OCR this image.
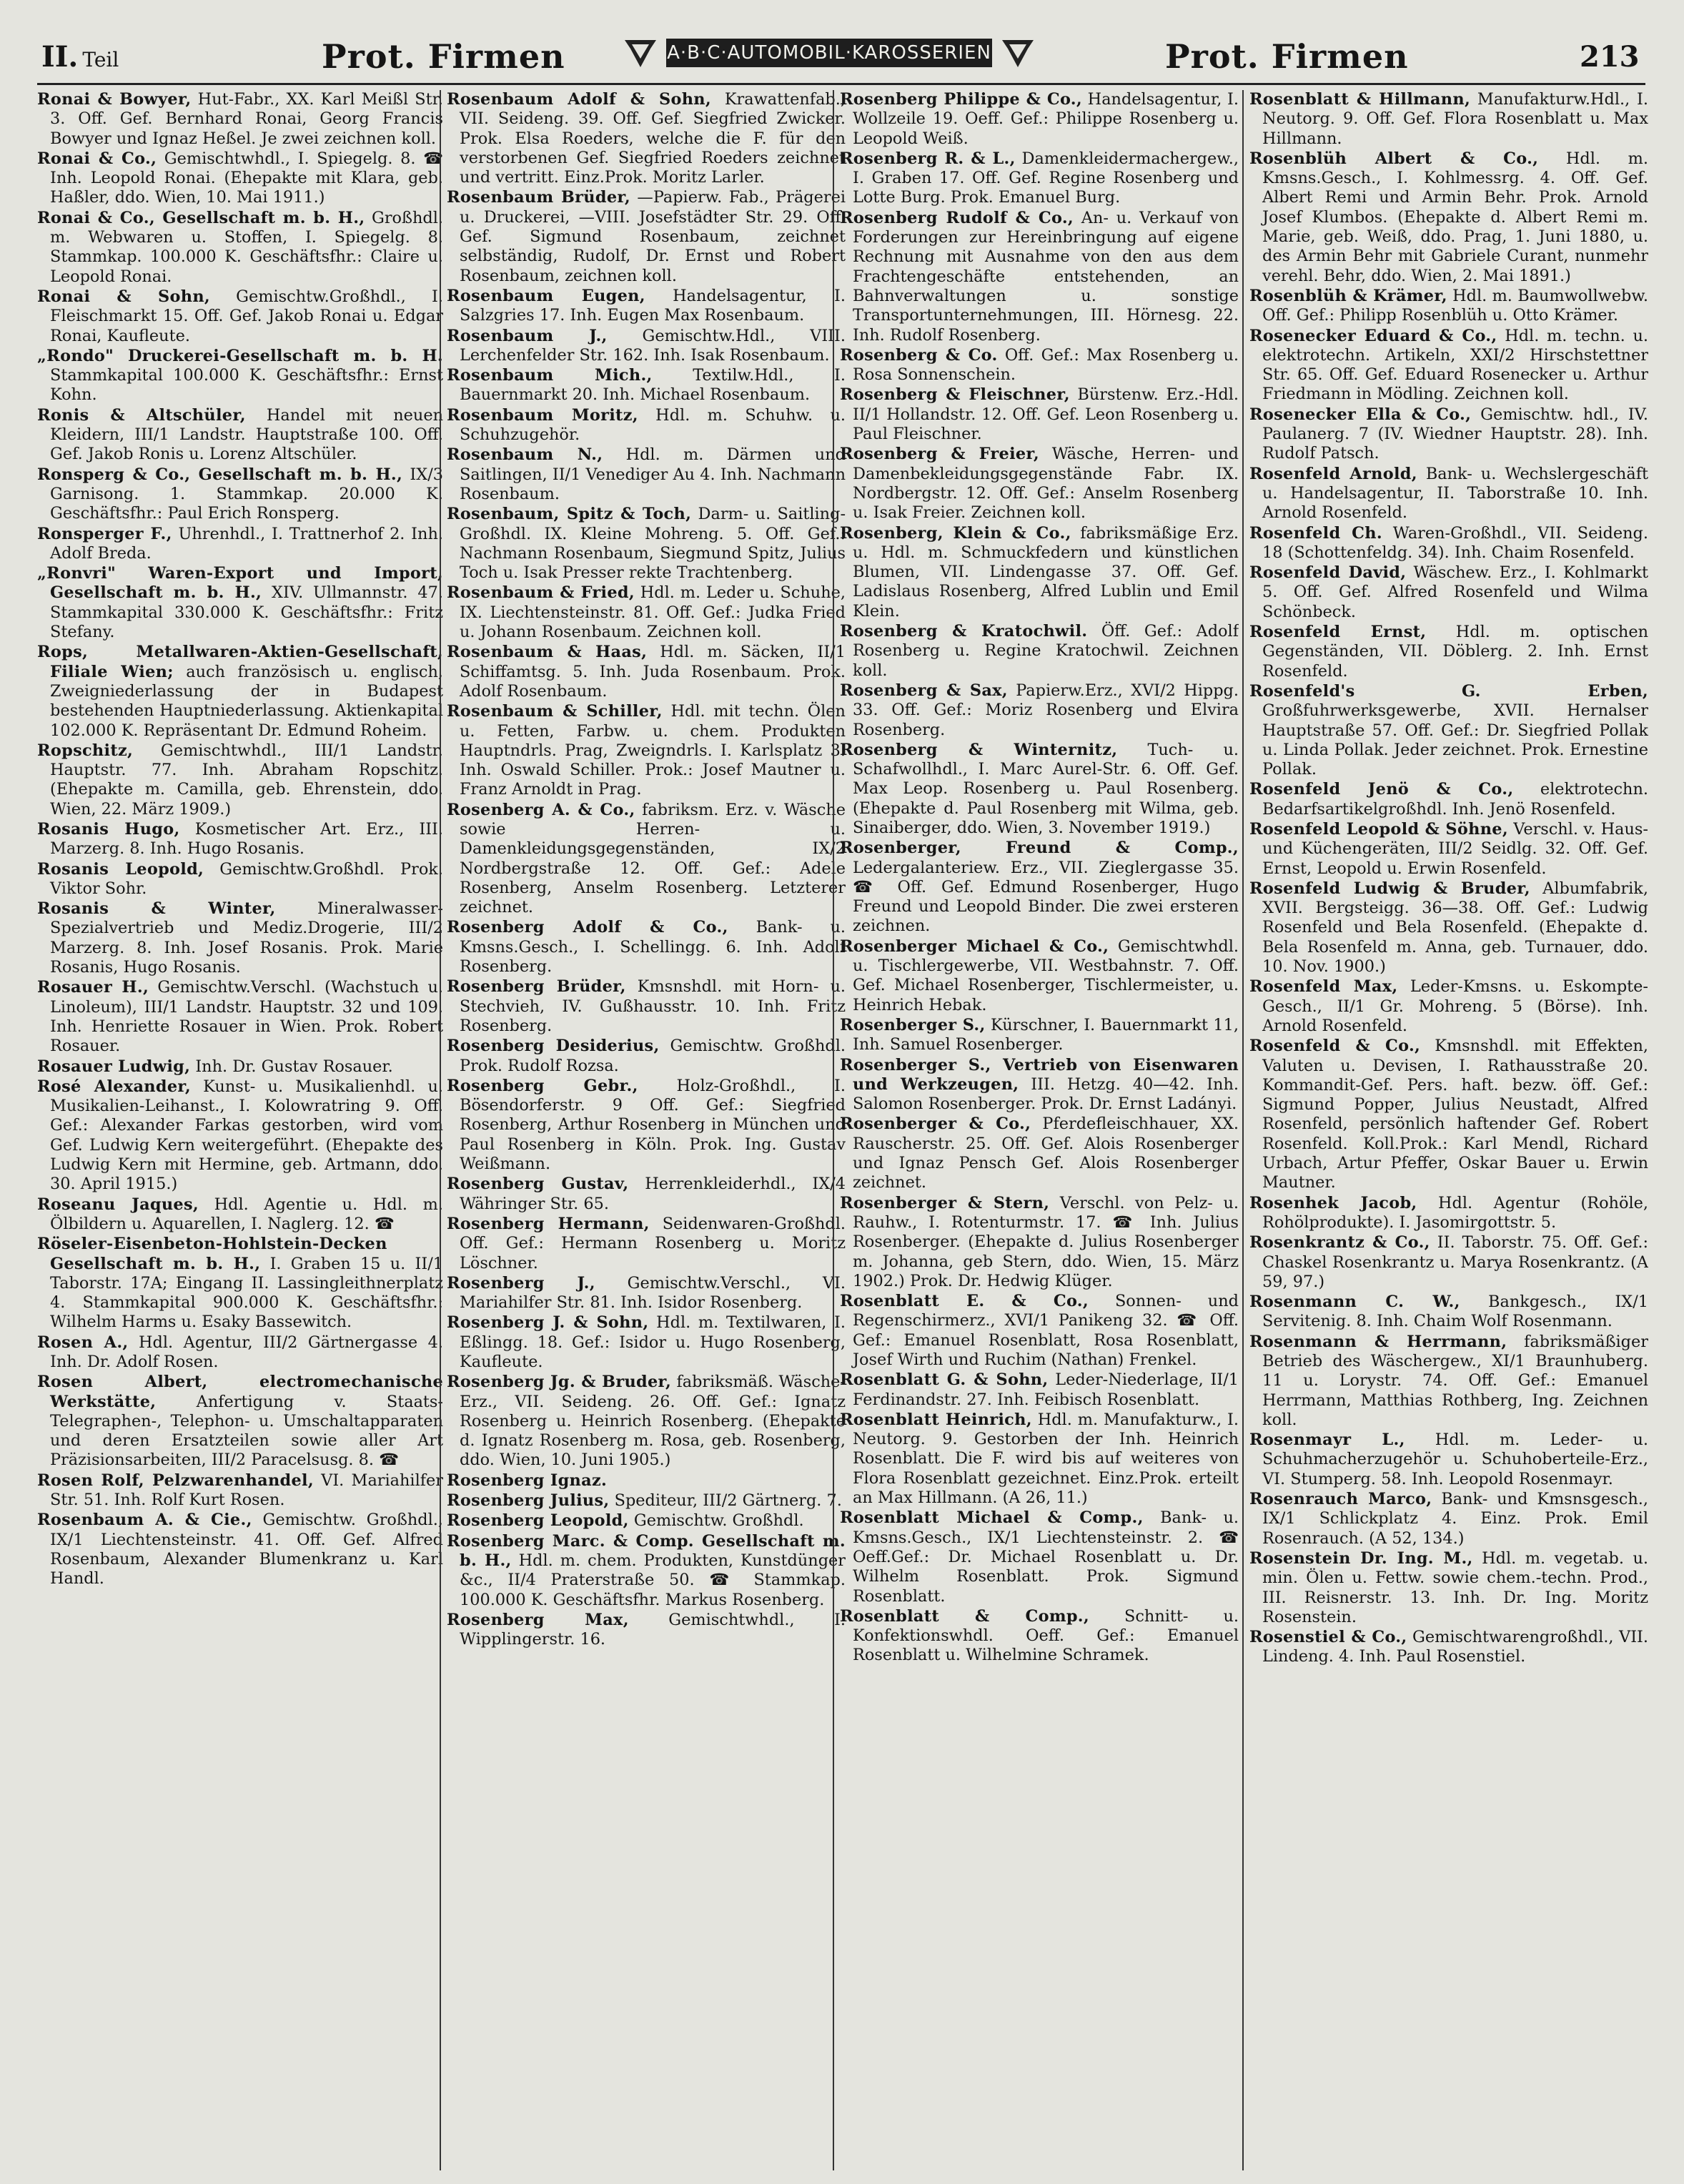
II. Teil	Prot. Firmen	A·B·C·AUTOMOBIL·KAROSSERIEN	Prot. Firmen	213

Ronai & Bowyer, Hut-Fabr., XX. Karl Meißl Str. 3. Off. Gef. Bernhard Ronai, Georg Francis Bowyer und Ignaz Heßel. Je zwei zeichnen koll.

Ronai & Co., Gemischtwhdl., I. Spiegelg. 8. ☎ Inh. Leopold Ronai. (Ehepakte mit Klara, geb. Haßler, ddo. Wien, 10. Mai 1911.)

Ronai & Co., Gesellschaft m. b. H., Großhdl. m. Webwaren u. Stoffen, I. Spiegelg. 8. Stammkap. 100.000 K. Geschäftsfhr.: Claire u. Leopold Ronai.

Ronai & Sohn, Gemischtw.Großhdl., I. Fleischmarkt 15. Off. Gef. Jakob Ronai u. Edgar Ronai, Kaufleute.

„Rondo" Druckerei-Gesellschaft m. b. H. Stammkapital 100.000 K. Geschäftsfhr.: Ernst Kohn.

Ronis & Altschüler, Handel mit neuen Kleidern, III/1 Landstr. Hauptstraße 100. Off. Gef. Jakob Ronis u. Lorenz Altschüler.

Ronsperg & Co., Gesellschaft m. b. H., IX/3 Garnisong. 1. Stammkap. 20.000 K. Geschäftsfhr.: Paul Erich Ronsperg.

Ronsperger F., Uhrenhdl., I. Trattnerhof 2. Inh. Adolf Breda.

„Ronvri" Waren-Export und Import, Gesellschaft m. b. H., XIV. Ullmannstr. 47. Stammkapital 330.000 K. Geschäftsfhr.: Fritz Stefany.

Rops, Metallwaren-Aktien-Gesellschaft, Filiale Wien; auch französisch u. englisch, Zweigniederlassung der in Budapest bestehenden Hauptniederlassung. Aktienkapital 102.000 K. Repräsentant Dr. Edmund Roheim.

Ropschitz, Gemischtwhdl., III/1 Landstr. Hauptstr. 77. Inh. Abraham Ropschitz. (Ehepakte m. Camilla, geb. Ehrenstein, ddo. Wien, 22. März 1909.)

Rosanis Hugo, Kosmetischer Art. Erz., III. Marzerg. 8. Inh. Hugo Rosanis.

Rosanis Leopold, Gemischtw.Großhdl. Prok. Viktor Sohr.

Rosanis & Winter,	Mineralwasser-Spezialvertrieb und Mediz.Drogerie, III/2 Marzerg. 8. Inh. Josef Rosanis. Prok. Marie Rosanis, Hugo Rosanis.

Rosauer H., Gemischtw.Verschl. (Wachstuch u. Linoleum), III/1 Landstr. Hauptstr. 32 und 109. Inh. Henriette Rosauer in Wien. Prok. Robert Rosauer.

Rosauer Ludwig, Inh. Dr. Gustav Rosauer.

Rosé Alexander, Kunst- u. Musikalienhdl. u. Musikalien-Leihanst., I. Kolowratring 9. Off. Gef.: Alexander Farkas gestorben, wird vom Gef. Ludwig Kern weitergeführt. (Ehepakte des Ludwig Kern mit Hermine, geb. Artmann, ddo. 30. April 1915.)

Roseanu Jaques, Hdl. Agentie u. Hdl. m. Ölbildern u. Aquarellen, I. Naglerg. 12. ☎

Röseler-Eisenbeton-Hohlstein-Decken Gesellschaft m. b. H., I. Graben 15 u. II/1 Taborstr. 17A; Eingang II. Lassingleithnerplatz 4. Stammkapital 900.000 K. Geschäftsfhr.: Wilhelm Harms u. Esaky Bassewitch.

Rosen A., Hdl. Agentur, III/2 Gärtnergasse 4. Inh. Dr. Adolf Rosen.

Rosen Albert, electromechanische Werkstätte,	Anfertigung v. Staats-Telegraphen-, Telephon- u. Umschaltapparaten und deren Ersatzteilen sowie aller Art Präzisionsarbeiten, III/2 Paracelsusg. 8. ☎

Rosen Rolf, Pelzwarenhandel, VI. Mariahilfer Str. 51. Inh. Rolf Kurt Rosen.

Rosenbaum A. & Cie., Gemischtw. Großhdl., IX/1 Liechtensteinstr. 41. Off. Gef. Alfred Rosenbaum, Alexander Blumenkranz u. Karl Handl.

Rosenbaum Adolf & Sohn, Krawattenfab., VII. Seideng. 39. Off. Gef. Siegfried Zwicker. Prok. Elsa Roeders, welche die F. für den verstorbenen Gef. Siegfried Roeders zeichnet und vertritt. Einz.Prok. Moritz Larler.

Rosenbaum Brüder, —Papierw. Fab., Prägerei u. Druckerei, —VIII. Josefstädter Str. 29. Off. Gef. Sigmund Rosenbaum, zeichnet selbständig, Rudolf, Dr. Ernst und Robert Rosenbaum, zeichnen koll.

Rosenbaum Eugen, Handelsagentur, I. Salzgries 17. Inh. Eugen Max Rosenbaum.

Rosenbaum J., Gemischtw.Hdl., VIII. Lerchenfelder Str. 162. Inh. Isak Rosenbaum.

Rosenbaum Mich.,	Textilw.Hdl., I. Bauernmarkt 20. Inh. Michael Rosenbaum.

Rosenbaum Moritz, Hdl. m. Schuhw. u. Schuhzugehör.

Rosenbaum N., Hdl. m. Därmen und Saitlingen, II/1 Venediger Au 4. Inh. Nachmann Rosenbaum.

Rosenbaum, Spitz & Toch, Darm- u. Saitling-Großhdl. IX. Kleine Mohreng. 5. Off. Gef.: Nachmann Rosenbaum, Siegmund Spitz, Julius Toch u. Isak Presser rekte Trachtenberg.

Rosenbaum & Fried, Hdl. m. Leder u. Schuhe, IX. Liechtensteinstr. 81. Off. Gef.: Judka Fried u. Johann Rosenbaum. Zeichnen koll.

Rosenbaum & Haas, Hdl. m. Säcken, II/1 Schiffamtsg. 5. Inh. Juda Rosenbaum. Prok. Adolf Rosenbaum.

Rosenbaum & Schiller, Hdl. mit techn. Ölen u. Fetten, Farbw. u. chem. Produkten Hauptndrls. Prag, Zweigndrls. I. Karlsplatz 3. Inh. Oswald Schiller. Prok.: Josef Mautner u. Franz Arnoldt in Prag.

Rosenberg A. & Co., fabriksm. Erz. v. Wäsche sowie Herren- u. Damenkleidungsgegenständen, IX/2 Nordbergstraße 12. Off. Gef.: Adele Rosenberg, Anselm Rosenberg. Letzterer zeichnet.

Rosenberg Adolf & Co., Bank- u. Kmsns.Gesch., I. Schellingg. 6. Inh. Adolf Rosenberg.

Rosenberg Brüder, Kmsnshdl. mit Horn- u. Stechvieh, IV. Gußhausstr. 10. Inh. Fritz Rosenberg.

Rosenberg Desiderius, Gemischtw. Großhdl. Prok. Rudolf Rozsa.

Rosenberg Gebr., Holz-Großhdl., I. Bösendorferstr. 9 Off. Gef.: Siegfried Rosenberg, Arthur Rosenberg in München und Paul Rosenberg in Köln. Prok. Ing. Gustav Weißmann.

Rosenberg Gustav, Herrenkleiderhdl., IX/4 Währinger Str. 65.

Rosenberg Hermann, Seidenwaren-Großhdl. Off. Gef.: Hermann Rosenberg u. Moritz Löschner.

Rosenberg J., Gemischtw.Verschl., VI. Mariahilfer Str. 81. Inh. Isidor Rosenberg.

Rosenberg J. & Sohn, Hdl. m. Textilwaren, I. Eßlingg. 18. Gef.: Isidor u. Hugo Rosenberg, Kaufleute.

Rosenberg Jg. & Bruder, fabriksmäß. Wäsche-Erz., VII. Seideng. 26. Off. Gef.: Ignatz Rosenberg u. Heinrich Rosenberg. (Ehepakte d. Ignatz Rosenberg m. Rosa, geb. Rosenberg, ddo. Wien, 10. Juni 1905.)

Rosenberg Ignaz.

Rosenberg Julius, Spediteur, III/2 Gärtnerg. 7.

Rosenberg Leopold, Gemischtw. Großhdl.

Rosenberg Marc. & Comp. Gesellschaft m. b. H., Hdl. m. chem. Produkten, Kunstdünger &c., II/4 Praterstraße 50. ☎ Stammkap. 100.000 K. Geschäftsfhr. Markus Rosenberg.

Rosenberg Max, Gemischtwhdl., I. Wipplingerstr. 16.

Rosenberg Philippe & Co., Handelsagentur, I. Wollzeile 19. Oeff. Gef.: Philippe Rosenberg u. Leopold Weiß.

Rosenberg R. & L., Damenkleidermachergew., I. Graben 17. Off. Gef. Regine Rosenberg und Lotte Burg. Prok. Emanuel Burg.

Rosenberg Rudolf & Co., An- u. Verkauf von Forderungen zur Hereinbringung auf eigene Rechnung mit Ausnahme von den aus dem Frachtengeschäfte entstehenden, an Bahnverwaltungen u. sonstige Transportunternehmungen, III. Hörnesg. 22. Inh. Rudolf Rosenberg.

Rosenberg & Co. Off. Gef.: Max Rosenberg u. Rosa Sonnenschein.

Rosenberg & Fleischner, Bürstenw. Erz.-Hdl. II/1 Hollandstr. 12. Off. Gef. Leon Rosenberg u. Paul Fleischner.

Rosenberg & Freier, Wäsche, Herren- und Damenbekleidungsgegenstände Fabr. IX. Nordbergstr. 12. Off. Gef.: Anselm Rosenberg u. Isak Freier. Zeichnen koll.

Rosenberg, Klein & Co., fabriksmäßige Erz. u. Hdl. m. Schmuckfedern und künstlichen Blumen, VII. Lindengasse 37. Off. Gef. Ladislaus Rosenberg, Alfred Lublin und Emil Klein.

Rosenberg & Kratochwil. Öff. Gef.: Adolf Rosenberg u. Regine Kratochwil. Zeichnen koll.

Rosenberg & Sax, Papierw.Erz., XVI/2 Hippg. 33. Off. Gef.: Moriz Rosenberg und Elvira Rosenberg.

Rosenberg & Winternitz, Tuch- u. Schafwollhdl., I. Marc Aurel-Str. 6. Off. Gef. Max Leop. Rosenberg u. Paul Rosenberg. (Ehepakte d. Paul Rosenberg mit Wilma, geb. Sinaiberger, ddo. Wien, 3. November 1919.)

Rosenberger, Freund & Comp., Ledergalanteriew. Erz., VII. Zieglergasse 35. ☎ Off. Gef. Edmund Rosenberger, Hugo Freund und Leopold Binder. Die zwei ersteren zeichnen.

Rosenberger Michael & Co., Gemischtwhdl. u. Tischlergewerbe, VII. Westbahnstr. 7. Off. Gef. Michael Rosenberger, Tischlermeister, u. Heinrich Hebak.

Rosenberger S., Kürschner, I. Bauernmarkt 11, Inh. Samuel Rosenberger.

Rosenberger S., Vertrieb von Eisenwaren und Werkzeugen, III. Hetzg. 40—42. Inh. Salomon Rosenberger. Prok. Dr. Ernst Ladányi.

Rosenberger & Co., Pferdefleischhauer, XX. Rauscherstr. 25. Off. Gef. Alois Rosenberger und Ignaz Pensch Gef. Alois Rosenberger zeichnet.

Rosenberger & Stern, Verschl. von Pelz- u. Rauhw., I. Rotenturmstr. 17. ☎ Inh. Julius Rosenberger. (Ehepakte d. Julius Rosenberger m. Johanna, geb Stern, ddo. Wien, 15. März 1902.) Prok. Dr. Hedwig Klüger.

Rosenblatt E. & Co., Sonnen- und Regenschirmerz., XVI/1 Panikeng 32. ☎ Off. Gef.: Emanuel Rosenblatt, Rosa Rosenblatt, Josef Wirth und Ruchim (Nathan) Frenkel.

Rosenblatt G. & Sohn, Leder-Niederlage, II/1 Ferdinandstr. 27. Inh. Feibisch Rosenblatt.

Rosenblatt Heinrich, Hdl. m. Manufakturw., I. Neutorg. 9. Gestorben der Inh. Heinrich Rosenblatt. Die F. wird bis auf weiteres von Flora Rosenblatt gezeichnet. Einz.Prok. erteilt an Max Hillmann. (A 26, 11.)

Rosenblatt Michael & Comp., Bank- u. Kmsns.Gesch., IX/1 Liechtensteinstr. 2. ☎ Oeff.Gef.: Dr. Michael Rosenblatt u. Dr. Wilhelm Rosenblatt. Prok. Sigmund Rosenblatt.

Rosenblatt & Comp., Schnitt- u. Konfektionswhdl. Oeff. Gef.: Emanuel Rosenblatt u. Wilhelmine Schramek.

Rosenblatt & Hillmann, Manufakturw.Hdl., I. Neutorg. 9. Off. Gef. Flora Rosenblatt u. Max Hillmann.

Rosenblüh Albert & Co., Hdl. m. Kmsns.Gesch., I. Kohlmessrg. 4. Off. Gef. Albert Remi und Armin Behr. Prok. Arnold Josef Klumbos. (Ehepakte d. Albert Remi m. Marie, geb. Weiß, ddo. Prag, 1. Juni 1880, u. des Armin Behr mit Gabriele Curant, nunmehr verehl. Behr, ddo. Wien, 2. Mai 1891.)

Rosenblüh & Krämer, Hdl. m. Baumwollwebw. Off. Gef.: Philipp Rosenblüh u. Otto Krämer.

Rosenecker Eduard & Co., Hdl. m. techn. u. elektrotechn. Artikeln, XXI/2 Hirschstettner Str. 65. Off. Gef. Eduard Rosenecker u. Arthur Friedmann in Mödling. Zeichnen koll.

Rosenecker Ella & Co., Gemischtw. hdl., IV. Paulanerg. 7 (IV. Wiedner Hauptstr. 28). Inh. Rudolf Patsch.

Rosenfeld Arnold, Bank- u. Wechslergeschäft u. Handelsagentur, II. Taborstraße 10. Inh. Arnold Rosenfeld.

Rosenfeld Ch. Waren-Großhdl., VII. Seideng. 18 (Schottenfeldg. 34). Inh. Chaim Rosenfeld.

Rosenfeld David, Wäschew. Erz., I. Kohlmarkt 5. Off. Gef. Alfred Rosenfeld und Wilma Schönbeck.

Rosenfeld Ernst, Hdl. m. optischen Gegenständen, VII. Döblerg. 2. Inh. Ernst Rosenfeld.

Rosenfeld's G. Erben, Großfuhrwerksgewerbe, XVII. Hernalser Hauptstraße 57. Off. Gef.: Dr. Siegfried Pollak u. Linda Pollak. Jeder zeichnet. Prok. Ernestine Pollak.

Rosenfeld Jenö & Co., elektrotechn. Bedarfsartikelgroßhdl. Inh. Jenö Rosenfeld.

Rosenfeld Leopold & Söhne, Verschl. v. Haus- und Küchengeräten, III/2 Seidlg. 32. Off. Gef. Ernst, Leopold u. Erwin Rosenfeld.

Rosenfeld Ludwig & Bruder, Albumfabrik, XVII. Bergsteigg. 36—38. Off. Gef.: Ludwig Rosenfeld und Bela Rosenfeld. (Ehepakte d. Bela Rosenfeld m. Anna, geb. Turnauer, ddo. 10. Nov. 1900.)

Rosenfeld Max, Leder-Kmsns. u. Eskompte-Gesch., II/1 Gr. Mohreng. 5 (Börse). Inh. Arnold Rosenfeld.

Rosenfeld & Co., Kmsnshdl. mit Effekten, Valuten u. Devisen, I. Rathausstraße 20. Kommandit-Gef. Pers. haft. bezw. öff. Gef.: Sigmund Popper, Julius Neustadt, Alfred Rosenfeld, persönlich haftender Gef. Robert Rosenfeld. Koll.Prok.: Karl Mendl, Richard Urbach, Artur Pfeffer, Oskar Bauer u. Erwin Mautner.

Rosenhek Jacob, Hdl. Agentur (Rohöle, Rohölprodukte). I. Jasomirgottstr. 5.

Rosenkrantz & Co., II. Taborstr. 75. Off. Gef.: Chaskel Rosenkrantz u. Marya Rosenkrantz. (A 59, 97.)

Rosenmann C. W., Bankgesch., IX/1 Servitenig. 8. Inh. Chaim Wolf Rosenmann.

Rosenmann & Herrmann, fabriksmäßiger Betrieb des Wäschergew., XI/1 Braunhuberg. 11 u. Lorystr. 74. Off. Gef.: Emanuel Herrmann, Matthias Rothberg, Ing. Zeichnen koll.

Rosenmayr L., Hdl. m. Leder- u. Schuhmacherzugehör u. Schuhoberteile-Erz., VI. Stumperg. 58. Inh. Leopold Rosenmayr.

Rosenrauch Marco, Bank- und Kmsnsgesch., IX/1 Schlickplatz 4. Einz. Prok. Emil Rosenrauch. (A 52, 134.)

Rosenstein Dr. Ing. M., Hdl. m. vegetab. u. min. Ölen u. Fettw. sowie chem.-techn. Prod., III. Reisnerstr. 13. Inh. Dr. Ing. Moritz Rosenstein.

Rosenstiel & Co., Gemischtwarengroßhdl., VII. Lindeng. 4. Inh. Paul Rosenstiel.
